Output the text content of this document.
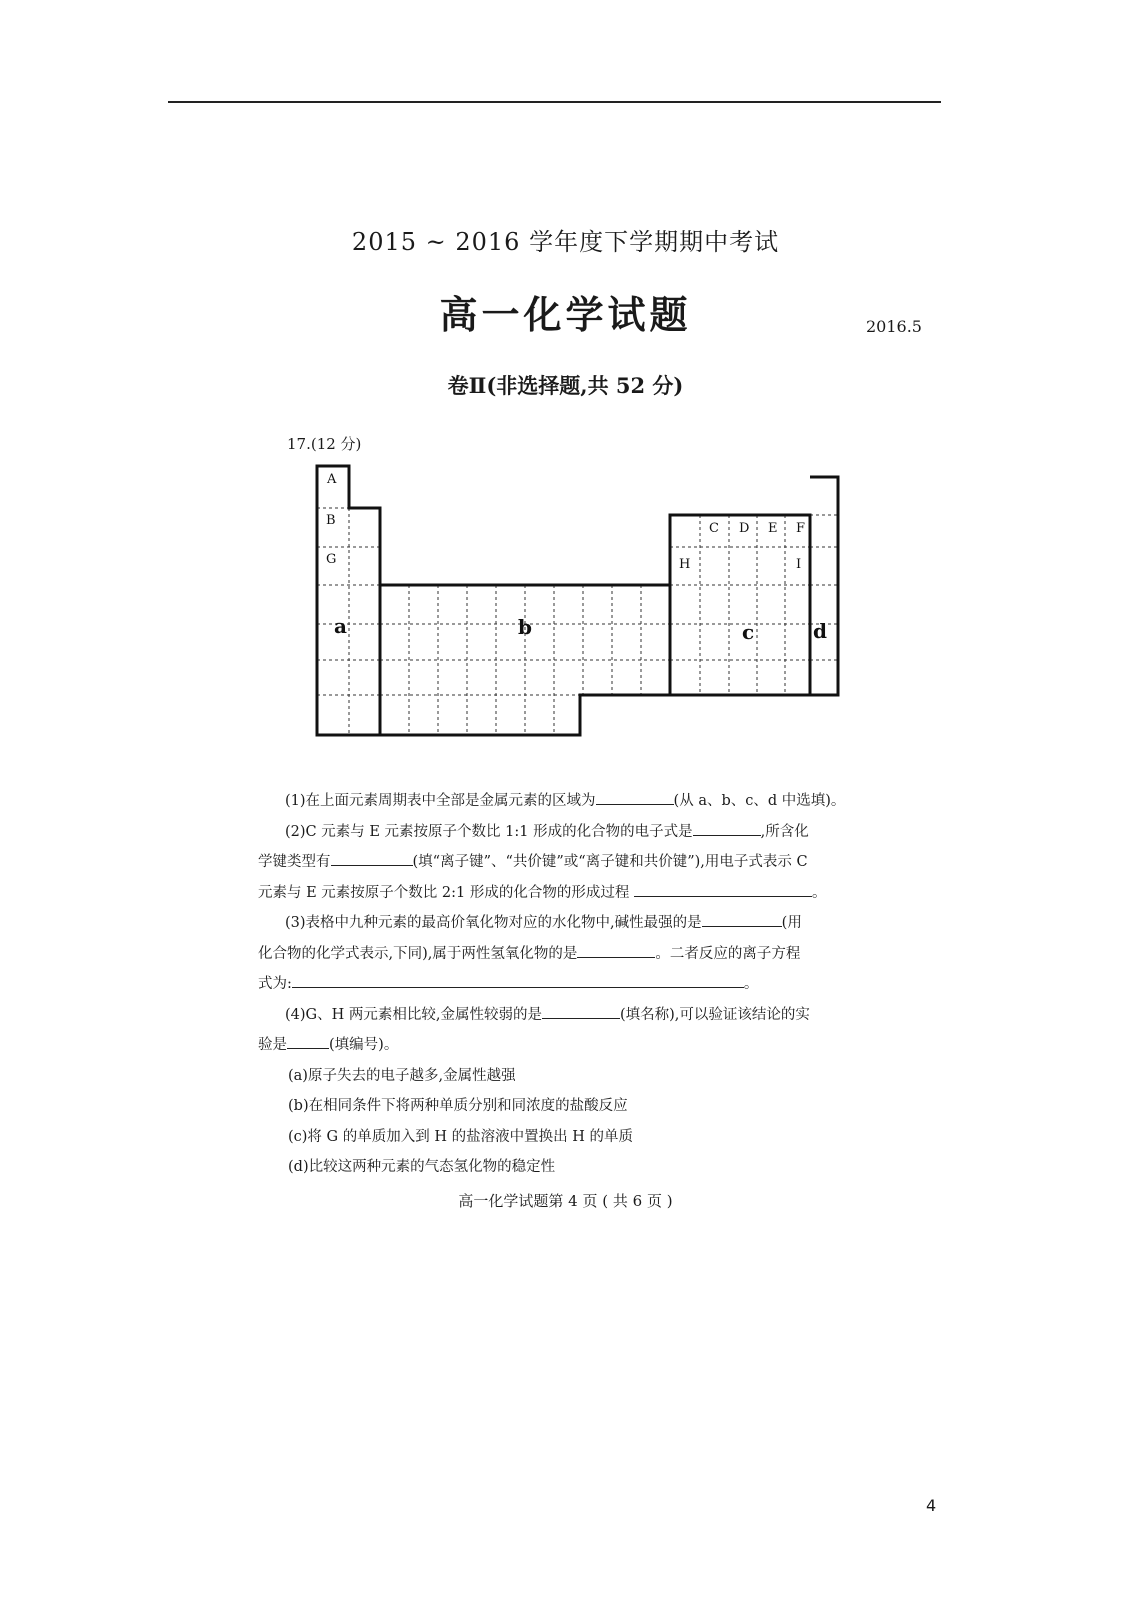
2015 ~ 2016 学年度下学期期中考试
高一化学试题	2016.5
卷Ⅱ(非选择题,共 52 分)
17.(12 分)
A
B
G
C D E F
H	I
a	b	c	d

(1)在上面元素周期表中全部是金属元素的区域为	(从 a、b、c、d 中选填)。

(2)C 元素与 E 元素按原子个数比 1:1 形成的化合物的电子式是	,所含化

学键类型有	(填“离子键”、“共价键”或“离子键和共价键”),用电子式表示 C

元素与 E 元素按原子个数比 2:1 形成的化合物的形成过程	。

(3)表格中九种元素的最高价氧化物对应的水化物中,碱性最强的是	(用

化合物的化学式表示,下同),属于两性氢氧化物的是	。二者反应的离子方程

式为:	。

(4)G、H 两元素相比较,金属性较弱的是	(填名称),可以验证该结论的实

验是	(填编号)。

(a)原子失去的电子越多,金属性越强

(b)在相同条件下将两种单质分别和同浓度的盐酸反应

(c)将 G 的单质加入到 H 的盐溶液中置换出 H 的单质

(d)比较这两种元素的气态氢化物的稳定性

高一化学试题第 4 页 ( 共 6 页 )
4
